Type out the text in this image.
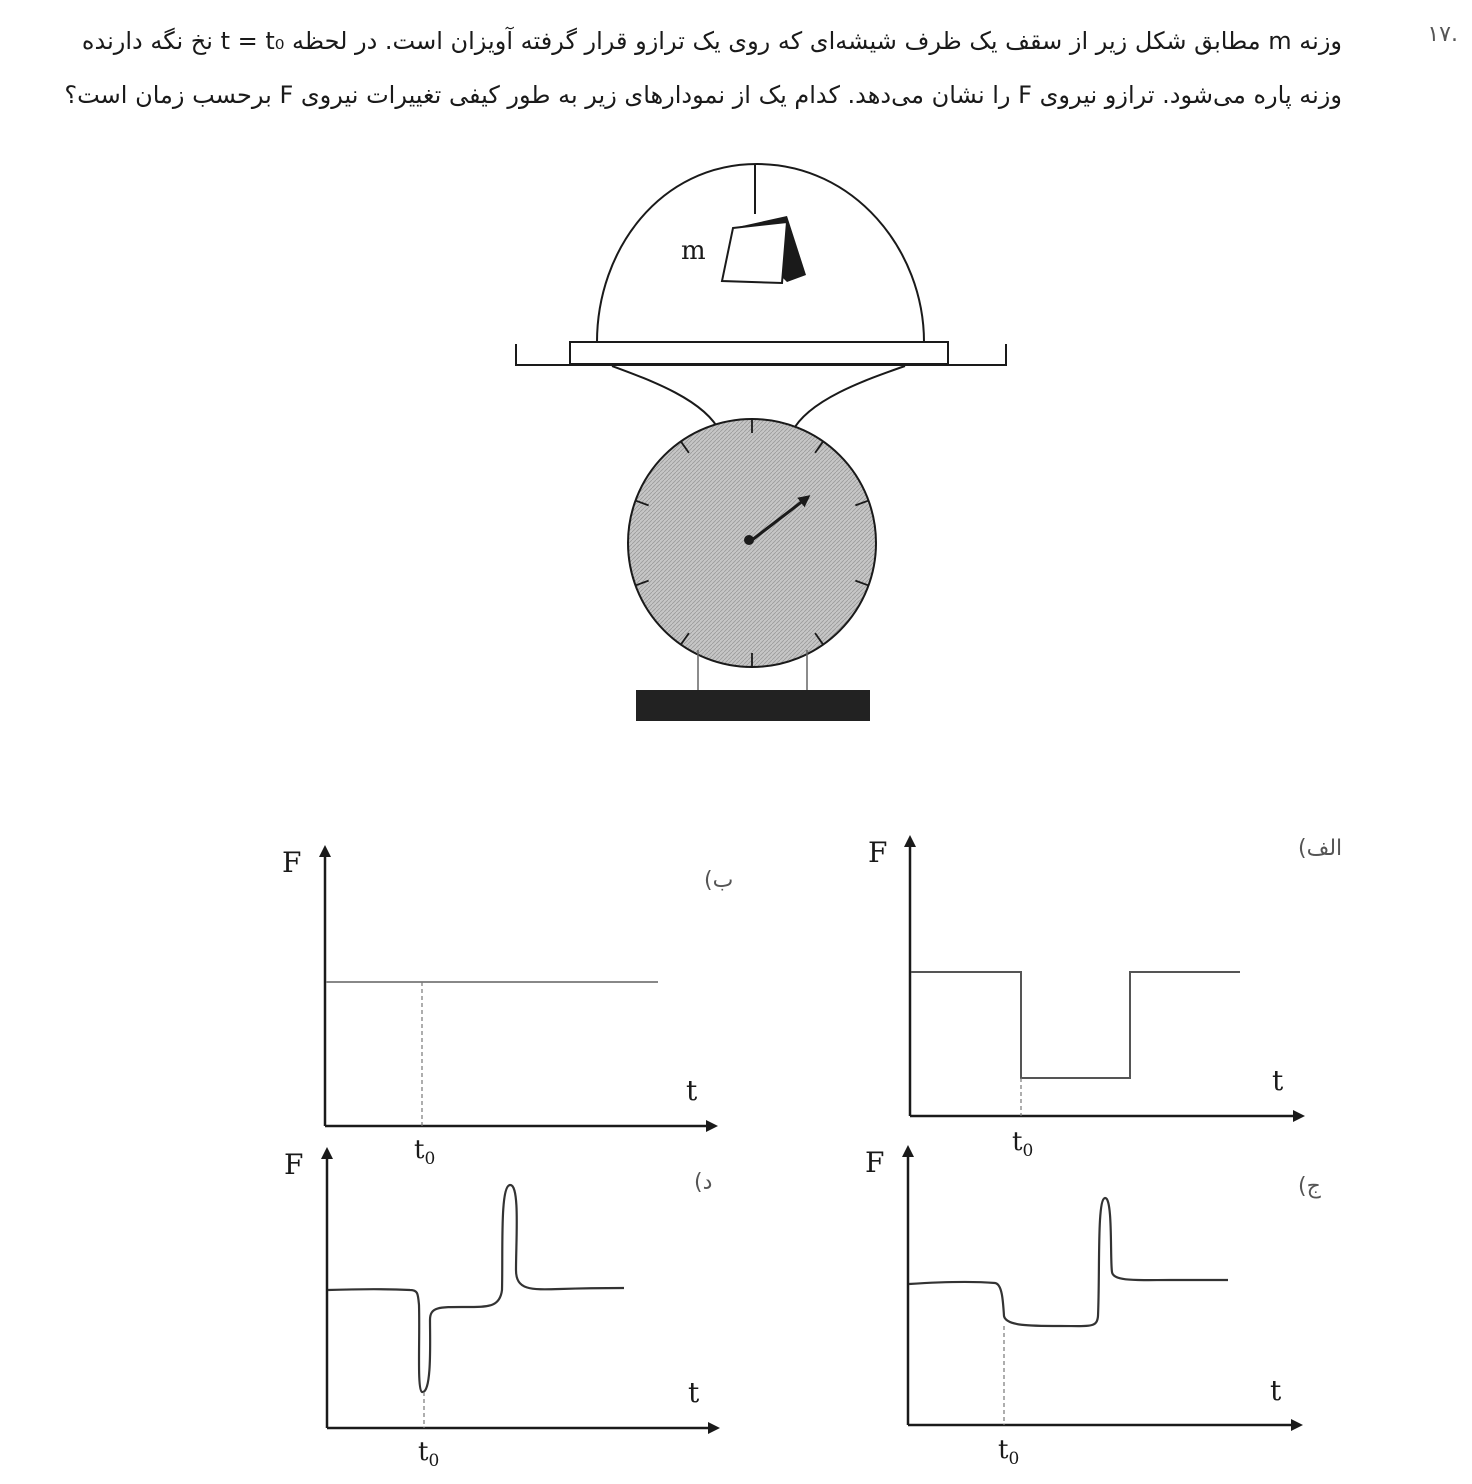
۱۷.

وزنه m مطابق شکل زیر از سقف یک ظرف شیشه‌ای که روی یک ترازو قرار گرفته آویزان است. در لحظه t = t₀ نخ نگه دارنده

وزنه پاره می‌شود. ترازو نیروی F را نشان می‌دهد. کدام یک از نمودارهای زیر به طور کیفی تغییرات نیروی F برحسب زمان است؟

m
F
t
$t_0$
F
t
$t_0$
F
t
$t_0$
F
t
$t_0$
الف)
ب)
ج)
د)
